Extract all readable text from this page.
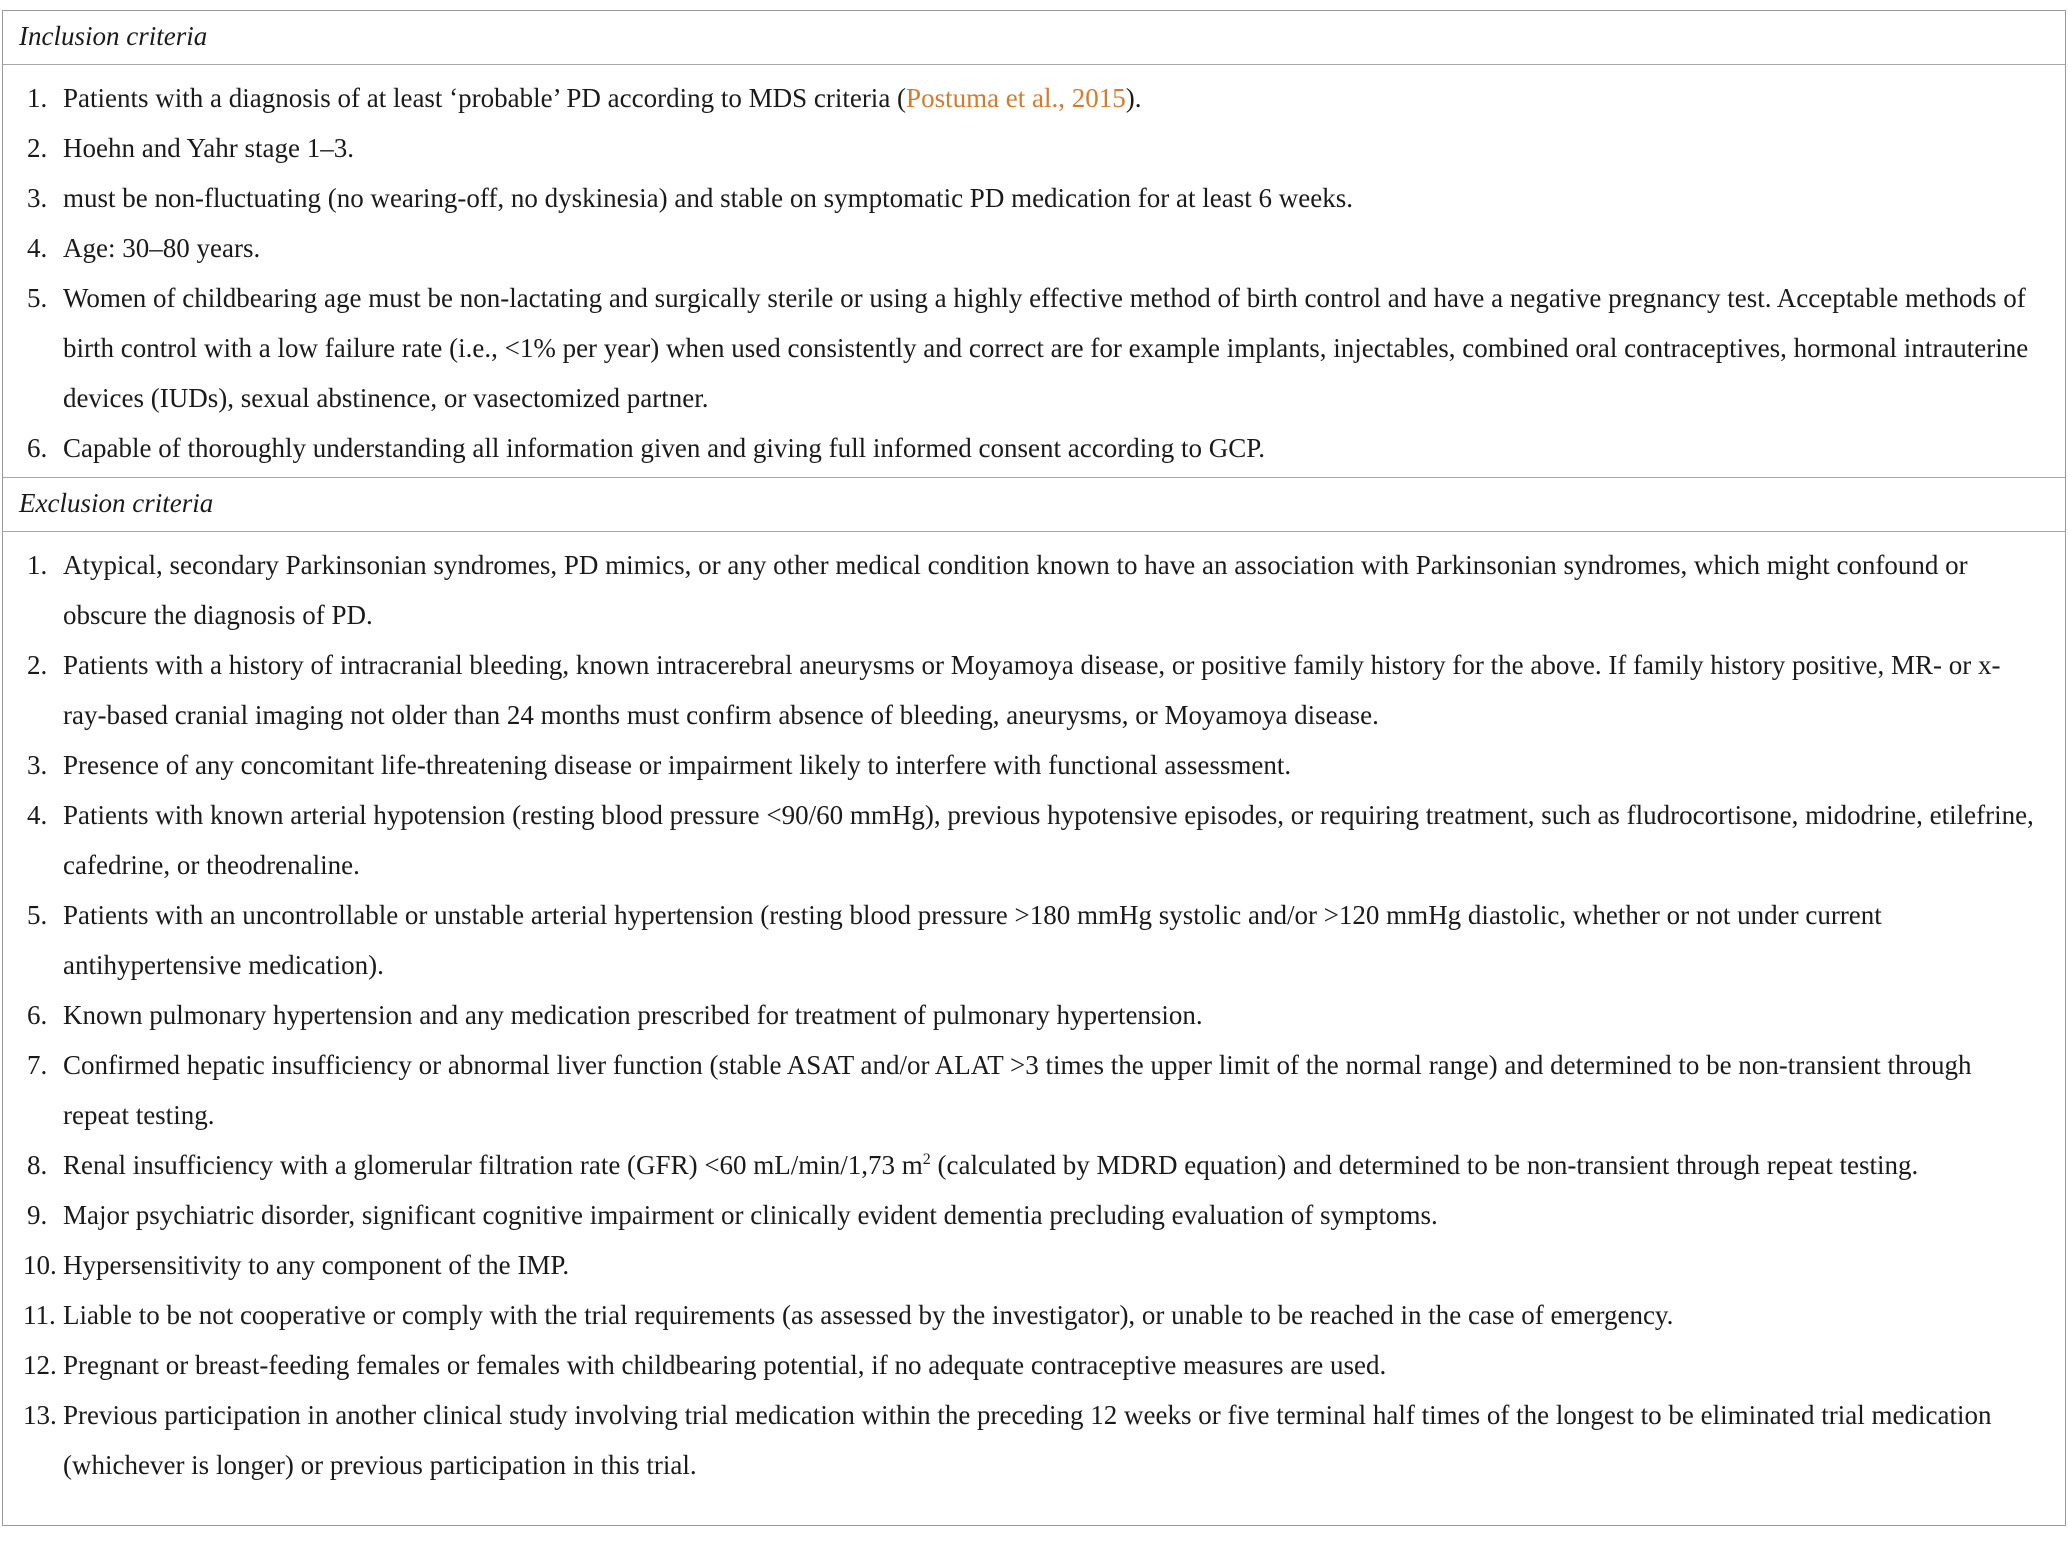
Inclusion criteria
1. Patients with a diagnosis of at least ‘probable’ PD according to MDS criteria (Postuma et al., 2015).
2. Hoehn and Yahr stage 1–3.
3. must be non-fluctuating (no wearing-off, no dyskinesia) and stable on symptomatic PD medication for at least 6 weeks.
4. Age: 30–80 years.
5. Women of childbearing age must be non-lactating and surgically sterile or using a highly effective method of birth control and have a negative pregnancy test. Acceptable methods of birth control with a low failure rate (i.e., <1% per year) when used consistently and correct are for example implants, injectables, combined oral contraceptives, hormonal intrauterine devices (IUDs), sexual abstinence, or vasectomized partner.
6. Capable of thoroughly understanding all information given and giving full informed consent according to GCP.
Exclusion criteria
1. Atypical, secondary Parkinsonian syndromes, PD mimics, or any other medical condition known to have an association with Parkinsonian syndromes, which might confound or obscure the diagnosis of PD.
2. Patients with a history of intracranial bleeding, known intracerebral aneurysms or Moyamoya disease, or positive family history for the above. If family history positive, MR- or x-ray-based cranial imaging not older than 24 months must confirm absence of bleeding, aneurysms, or Moyamoya disease.
3. Presence of any concomitant life-threatening disease or impairment likely to interfere with functional assessment.
4. Patients with known arterial hypotension (resting blood pressure <90/60 mmHg), previous hypotensive episodes, or requiring treatment, such as fludrocortisone, midodrine, etilefrine, cafedrine, or theodrenaline.
5. Patients with an uncontrollable or unstable arterial hypertension (resting blood pressure >180 mmHg systolic and/or >120 mmHg diastolic, whether or not under current antihypertensive medication).
6. Known pulmonary hypertension and any medication prescribed for treatment of pulmonary hypertension.
7. Confirmed hepatic insufficiency or abnormal liver function (stable ASAT and/or ALAT >3 times the upper limit of the normal range) and determined to be non-transient through repeat testing.
8. Renal insufficiency with a glomerular filtration rate (GFR) <60 mL/min/1,73 $m^2$ (calculated by MDRD equation) and determined to be non-transient through repeat testing.
9. Major psychiatric disorder, significant cognitive impairment or clinically evident dementia precluding evaluation of symptoms.
10. Hypersensitivity to any component of the IMP.
11. Liable to be not cooperative or comply with the trial requirements (as assessed by the investigator), or unable to be reached in the case of emergency.
12. Pregnant or breast-feeding females or females with childbearing potential, if no adequate contraceptive measures are used.
13. Previous participation in another clinical study involving trial medication within the preceding 12 weeks or five terminal half times of the longest to be eliminated trial medication (whichever is longer) or previous participation in this trial.
